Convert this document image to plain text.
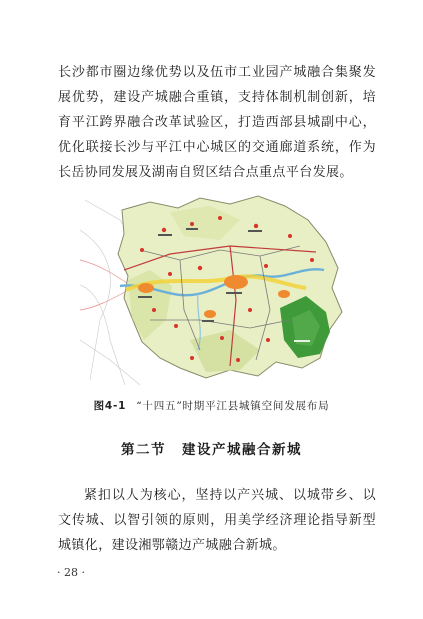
长沙都市圈边缘优势以及伍市工业园产城融合集聚发展优势，建设产城融合重镇，支持体制机制创新，培育平江跨界融合改革试验区，打造西部县城副中心，优化联接长沙与平江中心城区的交通廊道系统，作为长岳协同发展及湖南自贸区结合点重点平台发展。

图4-1 “十四五”时期平江县城镇空间发展布局
第二节 建设产城融合新城

紧扣以人为核心，坚持以产兴城、以城带乡、以文传城、以智引领的原则，用美学经济理论指导新型城镇化，建设湘鄂赣边产城融合新城。

· 28 ·
